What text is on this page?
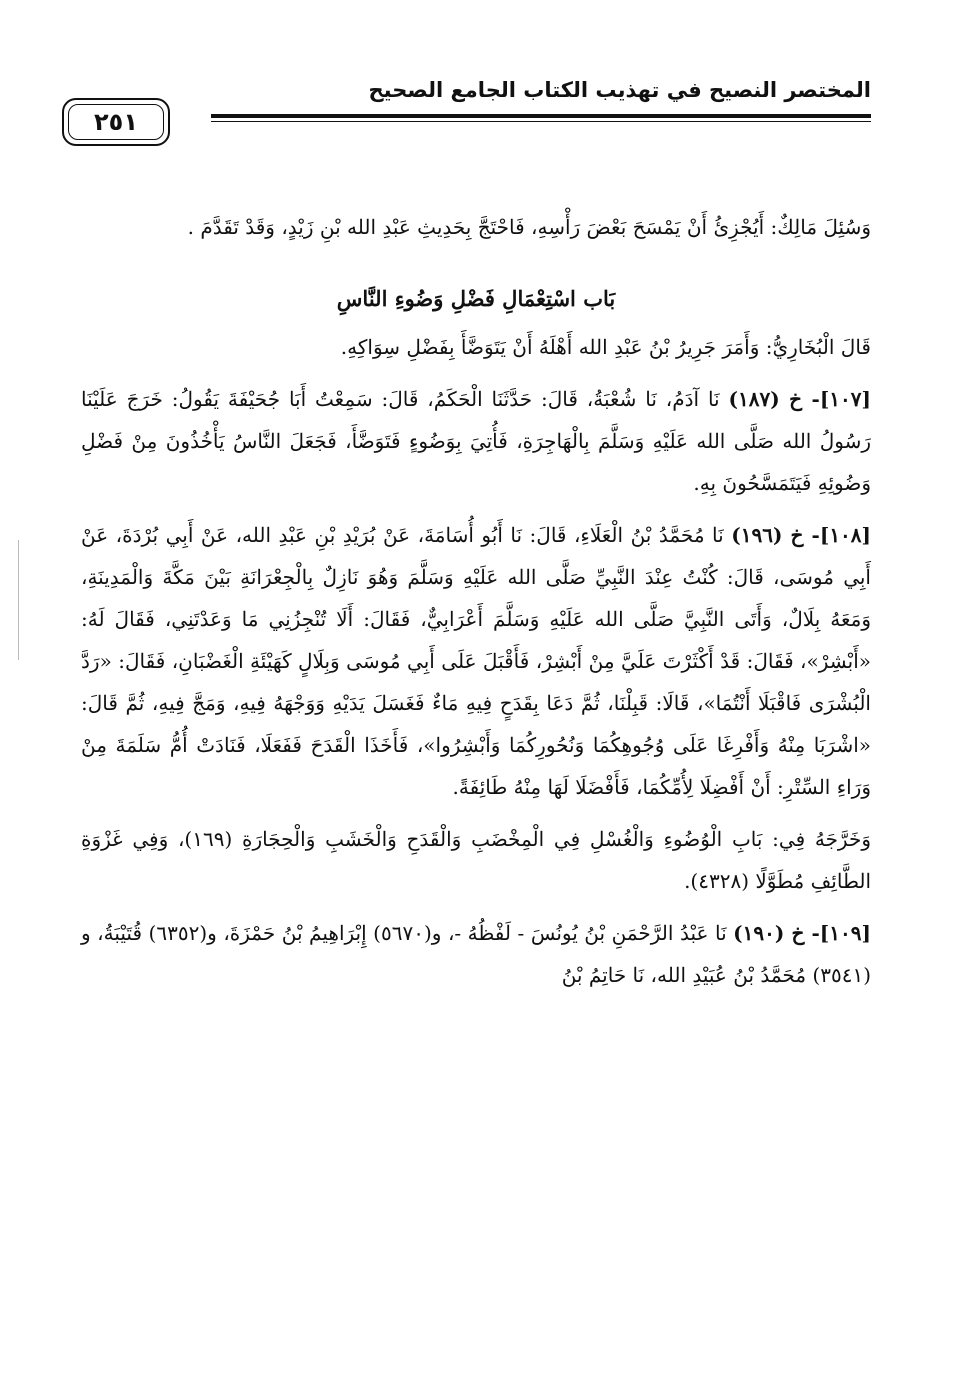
المختصر النصيح في تهذيب الكتاب الجامع الصحيح
٢٥١

وَسُئِلَ مَالِكٌ: أَيُجْزِئُ أَنْ يَمْسَحَ بَعْضَ رَأْسِهِ، فَاحْتَجَّ بِحَدِيثِ عَبْدِ الله بْنِ زَيْدٍ، وَقَدْ تَقَدَّمَ .

بَاب اسْتِعْمَالِ فَضْلِ وَضُوءِ النَّاسِ

قَالَ الْبُخَارِيُّ: وَأَمَرَ جَرِيرُ بْنُ عَبْدِ الله أَهْلَهُ أَنْ يَتَوَضَّأَ بِفَضْلِ سِوَاكِهِ.

[١٠٧]- خ (١٨٧) نَا آدَمُ، نَا شُعْبَةُ، قَالَ: حَدَّثَنَا الْحَكَمُ، قَالَ: سَمِعْتُ أَبَا جُحَيْفَةَ يَقُولُ: خَرَجَ عَلَيْنَا رَسُولُ الله صَلَّى الله عَلَيْهِ وَسَلَّمَ بِالْهَاجِرَةِ، فَأُتِيَ بِوَضُوءٍ فَتَوَضَّأَ، فَجَعَلَ النَّاسُ يَأْخُذُونَ مِنْ فَضْلِ وَضُوئِهِ فَيَتَمَسَّحُونَ بِهِ.

[١٠٨]- خ (١٩٦) نَا مُحَمَّدُ بْنُ الْعَلَاءِ، قَالَ: نَا أَبُو أُسَامَةَ، عَنْ بُرَيْدِ بْنِ عَبْدِ الله، عَنْ أَبِي بُرْدَةَ، عَنْ أَبِي مُوسَى، قَالَ: كُنْتُ عِنْدَ النَّبِيِّ صَلَّى الله عَلَيْهِ وَسَلَّمَ وَهُوَ نَازِلٌ بِالْجِعْرَانَةِ بَيْنَ مَكَّةَ وَالْمَدِينَةِ، وَمَعَهُ بِلَالٌ، وَأَتَى النَّبِيَّ صَلَّى الله عَلَيْهِ وَسَلَّمَ أَعْرَابِيٌّ، فَقَالَ: أَلَا تُنْجِزُنِي مَا وَعَدْتَنِي، فَقَالَ لَهُ: «أَبْشِرْ»، فَقَالَ: قَدْ أَكْثَرْتَ عَلَيَّ مِنْ أَبْشِرْ، فَأَقْبَلَ عَلَى أَبِي مُوسَى وَبِلَالٍ كَهَيْئَةِ الْغَضْبَانِ، فَقَالَ: «رَدَّ الْبُشْرَى فَاقْبَلَا أَنْتُمَا»، قَالَا: قَبِلْنَا، ثُمَّ دَعَا بِقَدَحٍ فِيهِ مَاءٌ فَغَسَلَ يَدَيْهِ وَوَجْهَهُ فِيهِ، وَمَجَّ فِيهِ، ثُمَّ قَالَ: «اشْرَبَا مِنْهُ وَأَفْرِغَا عَلَى وُجُوهِكُمَا وَنُحُورِكُمَا وَأَبْشِرُوا»، فَأَخَذَا الْقَدَحَ فَفَعَلَا، فَنَادَتْ أُمُّ سَلَمَةَ مِنْ وَرَاءِ السِّتْرِ: أَنْ أَفْضِلَا لِأُمِّكُمَا، فَأَفْضَلَا لَهَا مِنْهُ طَائِفَةً.

وَخَرَّجَهُ فِي: بَابِ الْوُضُوءِ وَالْغُسْلِ فِي الْمِخْضَبِ وَالْقَدَحِ وَالْخَشَبِ وَالْحِجَارَةِ (١٦٩)، وَفِي غَزْوَةِ الطَّائِفِ مُطَوَّلًا (٤٣٢٨).

[١٠٩]- خ (١٩٠) نَا عَبْدُ الرَّحْمَنِ بْنُ يُونُسَ - لَفْظُهُ -، و(٥٦٧٠) إِبْرَاهِيمُ بْنُ حَمْزَةَ، و(٦٣٥٢) قُتَيْبَةُ، و (٣٥٤١) مُحَمَّدُ بْنُ عُبَيْدِ الله، نَا حَاتِمُ بْنُ
